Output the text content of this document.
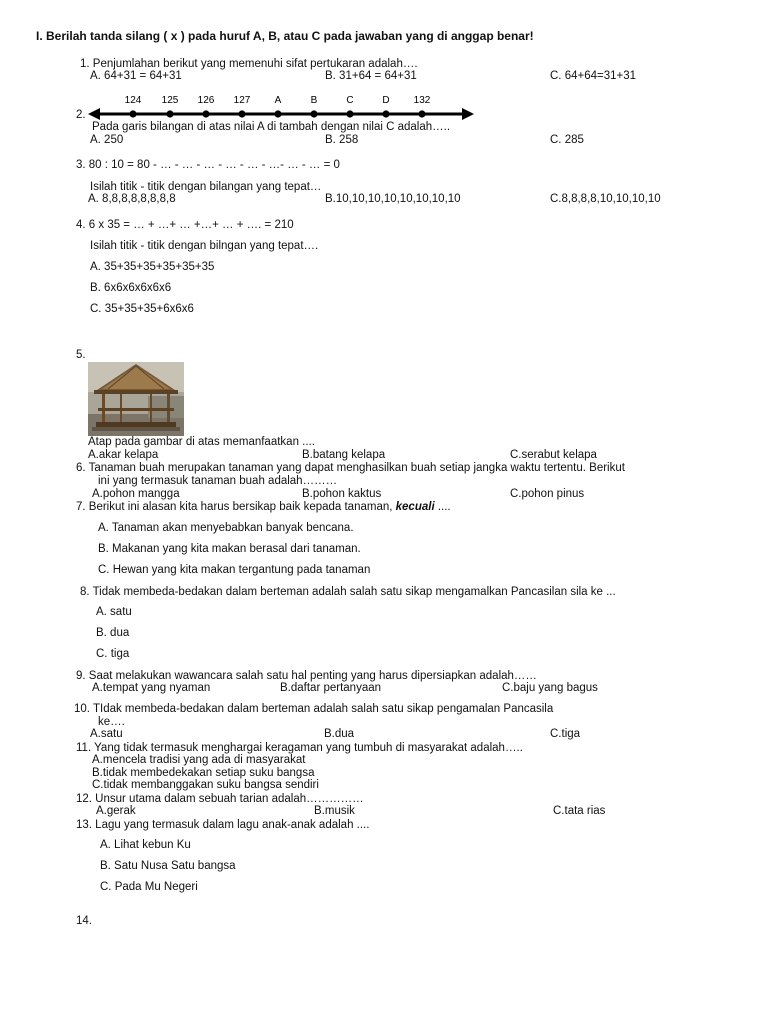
I. Berilah tanda silang ( x ) pada huruf A, B, atau C pada jawaban yang di anggap benar!
1. Penjumlahan berikut yang memenuhi sifat pertukaran adalah….
A. 64+31 = 64+31	B. 31+64 = 64+31	C. 64+64=31+31
124 125 126 127 A	B	C	D 132
2.
Pada garis bilangan di atas nilai A di tambah dengan nilai C adalah…..
A. 250	B. 258	C. 285
3. 80 : 10 = 80 - … - … - … - … - … - …- … - … = 0
Isilah titik - titik dengan bilangan yang tepat…
A. 8,8,8,8,8,8,8,8	B.10,10,10,10,10,10,10,10	C.8,8,8,8,10,10,10,10
4. 6 x 35 = … + …+ … +…+ … + …. = 210
Isilah titik - titik dengan bilngan yang tepat….
A. 35+35+35+35+35+35
B. 6x6x6x6x6x6
C. 35+35+35+6x6x6
5.
Atap pada gambar di atas memanfaatkan ....
A.akar kelapa	B.batang kelapa	C.serabut kelapa
6. Tanaman buah merupakan tanaman yang dapat menghasilkan buah setiap jangka waktu tertentu. Berikut
ini yang termasuk tanaman buah adalah………
A.pohon mangga	B.pohon kaktus	C.pohon pinus
7. Berikut ini alasan kita harus bersikap baik kepada tanaman, kecuali ....
A. Tanaman akan menyebabkan banyak bencana.
B. Makanan yang kita makan berasal dari tanaman.
C. Hewan yang kita makan tergantung pada tanaman
8. Tidak membeda-bedakan dalam berteman adalah salah satu sikap mengamalkan Pancasilan sila ke ...
A. satu
B. dua
C. tiga
9. Saat melakukan wawancara salah satu hal penting yang harus dipersiapkan adalah……
A.tempat yang nyaman	B.daftar pertanyaan	C.baju yang bagus
10. TIdak membeda-bedakan dalam berteman adalah salah satu sikap pengamalan Pancasila
ke….
A.satu	B.dua	C.tiga
11. Yang tidak termasuk menghargai keragaman yang tumbuh di masyarakat adalah…..
A.mencela tradisi yang ada di masyarakat
B.tidak membedekakan setiap suku bangsa
C.tidak membanggakan suku bangsa sendiri
12. Unsur utama dalam sebuah tarian adalah……………
A.gerak	B.musik	C.tata rias
13. Lagu yang termasuk dalam lagu anak-anak adalah ....
A. Lihat kebun Ku
B. Satu Nusa Satu bangsa
C. Pada Mu Negeri
14.
